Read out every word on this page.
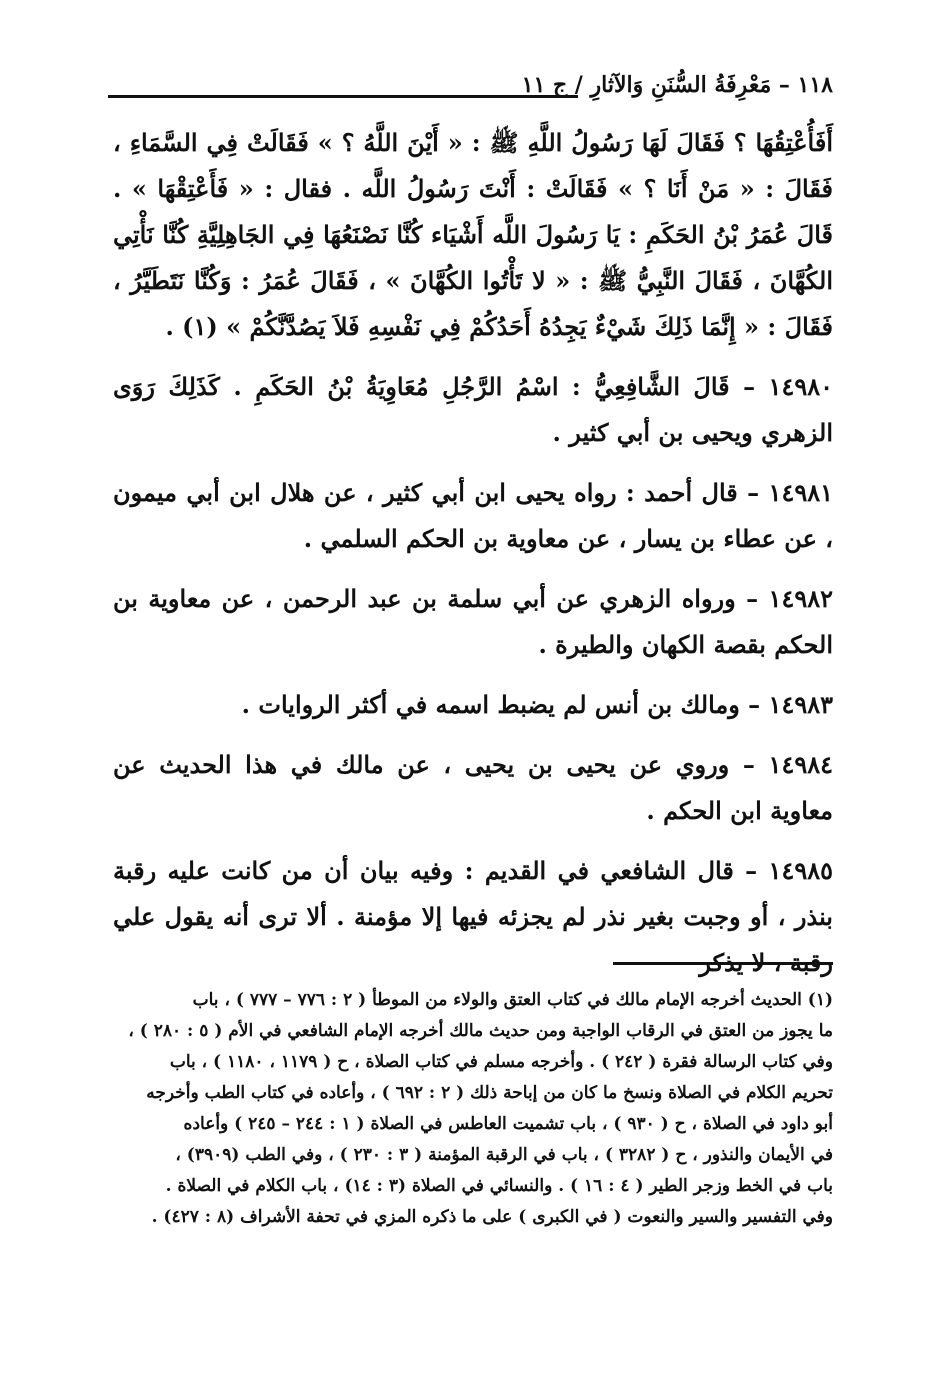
١١٨ – مَعْرِفَةُ السُّنَنِ وَالآثارِ / ج ١١

أَفَأُعْتِقُهَا ؟ فَقَالَ لَهَا رَسُولُ اللَّهِ ﷺ : « أَيْنَ اللَّهُ ؟ » فَقَالَتْ فِي السَّمَاءِ ، فَقَالَ : « مَنْ أَنَا ؟ » فَقَالَتْ : أَنْتَ رَسُولُ اللَّه . فقال : « فَأَعْتِقْهَا » . قَالَ عُمَرُ بْنُ الحَكَمِ : يَا رَسُولَ اللَّه أَشْيَاء كُنَّا نَصْنَعُهَا فِي الجَاهِلِيَّةِ كُنَّا نَأْتِي الكُهَّانَ ، فَقَالَ النَّبِيُّ ﷺ : « لا تَأْتُوا الكُهَّانَ » ، فَقَالَ عُمَرُ : وَكُنَّا نَتَطَيَّرُ ، فَقَالَ : « إِنَّمَا ذَلِكَ شَيْءٌ يَجِدُهُ أَحَدُكُمْ فِي نَفْسِهِ فَلاَ يَصُدَّنَّكُمْ » (١) .

١٤٩٨٠ – قَالَ الشَّافِعِيُّ : اسْمُ الرَّجُلِ مُعَاوِيَةُ بْنُ الحَكَمِ . كَذَلِكَ رَوَى الزهري ويحيى بن أبي كثير .

١٤٩٨١ – قال أحمد : رواه يحيى ابن أبي كثير ، عن هلال ابن أبي ميمون ، عن عطاء بن يسار ، عن معاوية بن الحكم السلمي .

١٤٩٨٢ – ورواه الزهري عن أبي سلمة بن عبد الرحمن ، عن معاوية بن الحكم بقصة الكهان والطيرة .

١٤٩٨٣ – ومالك بن أنس لم يضبط اسمه في أكثر الروايات .

١٤٩٨٤ – وروي عن يحيى بن يحيى ، عن مالك في هذا الحديث عن معاوية ابن الحكم .

١٤٩٨٥ – قال الشافعي في القديم : وفيه بيان أن من كانت عليه رقبة بنذر ، أو وجبت بغير نذر لم يجزئه فيها إلا مؤمنة . ألا ترى أنه يقول علي رقبة ، لا يذكر

(١) الحديث أخرجه الإمام مالك في كتاب العتق والولاء من الموطأ ( ٢ : ٧٧٦ – ٧٧٧ ) ، باب

ما يجوز من العتق في الرقاب الواجبة ومن حديث مالك أخرجه الإمام الشافعي في الأم ( ٥ : ٢٨٠ ) ،

وفي كتاب الرسالة فقرة ( ٢٤٢ ) . وأخرجه مسلم في كتاب الصلاة ، ح ( ١١٧٩ ، ١١٨٠ ) ، باب

تحريم الكلام في الصلاة ونسخ ما كان من إباحة ذلك ( ٢ : ٦٩٢ ) ، وأعاده في كتاب الطب وأخرجه

أبو داود في الصلاة ، ح ( ٩٣٠ ) ، باب تشميت العاطس في الصلاة ( ١ : ٢٤٤ – ٢٤٥ ) وأعاده

في الأيمان والنذور ، ح ( ٣٢٨٢ ) ، باب في الرقبة المؤمنة ( ٣ : ٢٣٠ ) ، وفي الطب (٣٩٠٩) ،

باب في الخط وزجر الطير ( ٤ : ١٦ ) . والنسائي في الصلاة (٣ : ١٤) ، باب الكلام في الصلاة .

وفي التفسير والسير والنعوت ( في الكبرى ) على ما ذكره المزي في تحفة الأشراف (٨ : ٤٢٧) .
